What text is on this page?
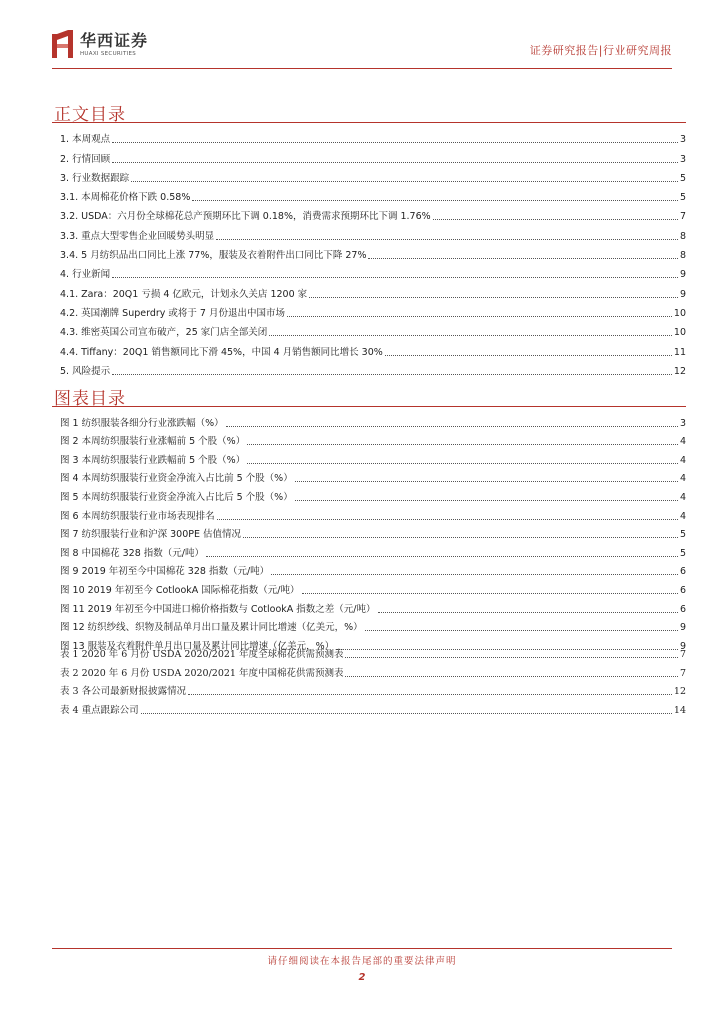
华西证券
HUAXI SECURITIES	证券研究报告|行业研究周报
正文目录
1. 本周观点	3
2. 行情回顾	3
3. 行业数据跟踪	5
3.1. 本周棉花价格下跌 0.58%	5
3.2. USDA：六月份全球棉花总产预期环比下调 0.18%，消费需求预期环比下调 1.76%	7
3.3. 重点大型零售企业回暖势头明显	8
3.4. 5 月纺织品出口同比上涨 77%，服装及衣着附件出口同比下降 27%	8
4. 行业新闻	9
4.1. Zara：20Q1 亏损 4 亿欧元，计划永久关店 1200 家	9
4.2. 英国潮牌 Superdry 或将于 7 月份退出中国市场	10
4.3. 维密英国公司宣布破产，25 家门店全部关闭	10
4.4. Tiffany：20Q1 销售额同比下滑 45%，中国 4 月销售额同比增长 30%	11
5. 风险提示	12
图表目录
图 1 纺织服装各细分行业涨跌幅（%）	3
图 2 本周纺织服装行业涨幅前 5 个股（%）	4
图 3 本周纺织服装行业跌幅前 5 个股（%）	4
图 4 本周纺织服装行业资金净流入占比前 5 个股（%）	4
图 5 本周纺织服装行业资金净流入占比后 5 个股（%）	4
图 6 本周纺织服装行业市场表现排名	4
图 7 纺织服装行业和沪深 300PE 估值情况	5
图 8 中国棉花 328 指数（元/吨）	5
图 9 2019 年初至今中国棉花 328 指数（元/吨）	6
图 10 2019 年初至今 CotlookA 国际棉花指数（元/吨）	6
图 11 2019 年初至今中国进口棉价格指数与 CotlookA 指数之差（元/吨）	6
图 12 纺织纱线、织物及制品单月出口量及累计同比增速（亿美元，%）	9
图 13 服装及衣着附件单月出口量及累计同比增速（亿美元，%）	9
表 1 2020 年 6 月份 USDA 2020/2021 年度全球棉花供需预测表	7
表 2 2020 年 6 月份 USDA 2020/2021 年度中国棉花供需预测表	7
表 3 各公司最新财报披露情况	12
表 4 重点跟踪公司	14
请仔细阅读在本报告尾部的重要法律声明
2
